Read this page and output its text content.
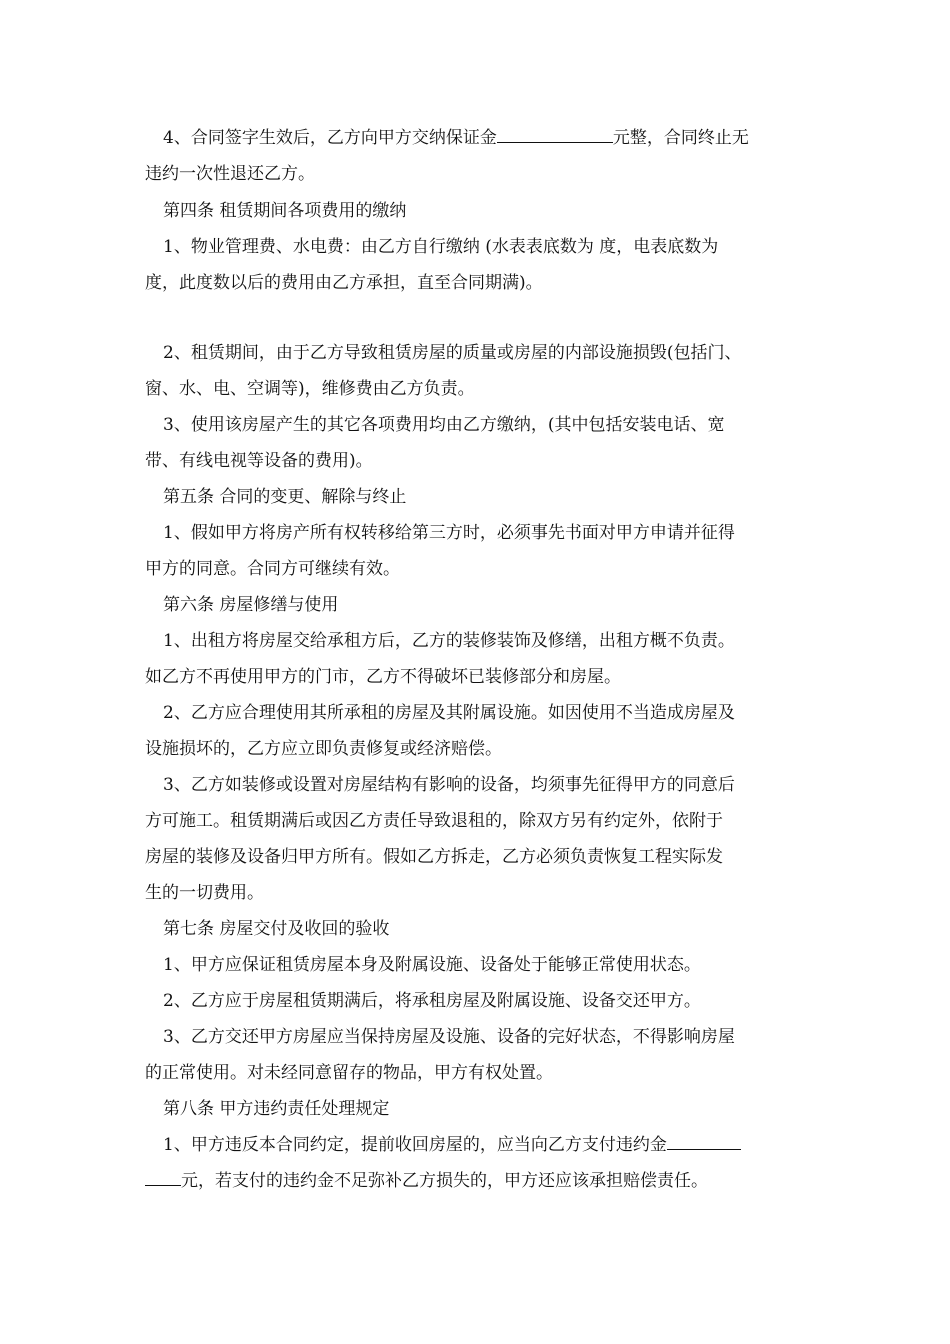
4、合同签字生效后，乙方向甲方交纳保证金	元整，合同终止无
违约一次性退还乙方。
第四条 租赁期间各项费用的缴纳
1、物业管理费、水电费：由乙方自行缴纳 (水表表底数为 度，电表底数为
度，此度数以后的费用由乙方承担，直至合同期满)。
2、租赁期间，由于乙方导致租赁房屋的质量或房屋的内部设施损毁(包括门、
窗、水、电、空调等)，维修费由乙方负责。
3、使用该房屋产生的其它各项费用均由乙方缴纳，(其中包括安装电话、宽
带、有线电视等设备的费用)。
第五条 合同的变更、解除与终止
1、假如甲方将房产所有权转移给第三方时，必须事先书面对甲方申请并征得
甲方的同意。合同方可继续有效。
第六条 房屋修缮与使用
1、出租方将房屋交给承租方后，乙方的装修装饰及修缮，出租方概不负责。
如乙方不再使用甲方的门市，乙方不得破坏已装修部分和房屋。
2、乙方应合理使用其所承租的房屋及其附属设施。如因使用不当造成房屋及
设施损坏的，乙方应立即负责修复或经济赔偿。
3、乙方如装修或设置对房屋结构有影响的设备，均须事先征得甲方的同意后
方可施工。租赁期满后或因乙方责任导致退租的，除双方另有约定外，依附于
房屋的装修及设备归甲方所有。假如乙方拆走，乙方必须负责恢复工程实际发
生的一切费用。
第七条 房屋交付及收回的验收
1、甲方应保证租赁房屋本身及附属设施、设备处于能够正常使用状态。
2、乙方应于房屋租赁期满后，将承租房屋及附属设施、设备交还甲方。
3、乙方交还甲方房屋应当保持房屋及设施、设备的完好状态，不得影响房屋
的正常使用。对未经同意留存的物品，甲方有权处置。
第八条 甲方违约责任处理规定
1、甲方违反本合同约定，提前收回房屋的，应当向乙方支付违约金
元，若支付的违约金不足弥补乙方损失的，甲方还应该承担赔偿责任。
